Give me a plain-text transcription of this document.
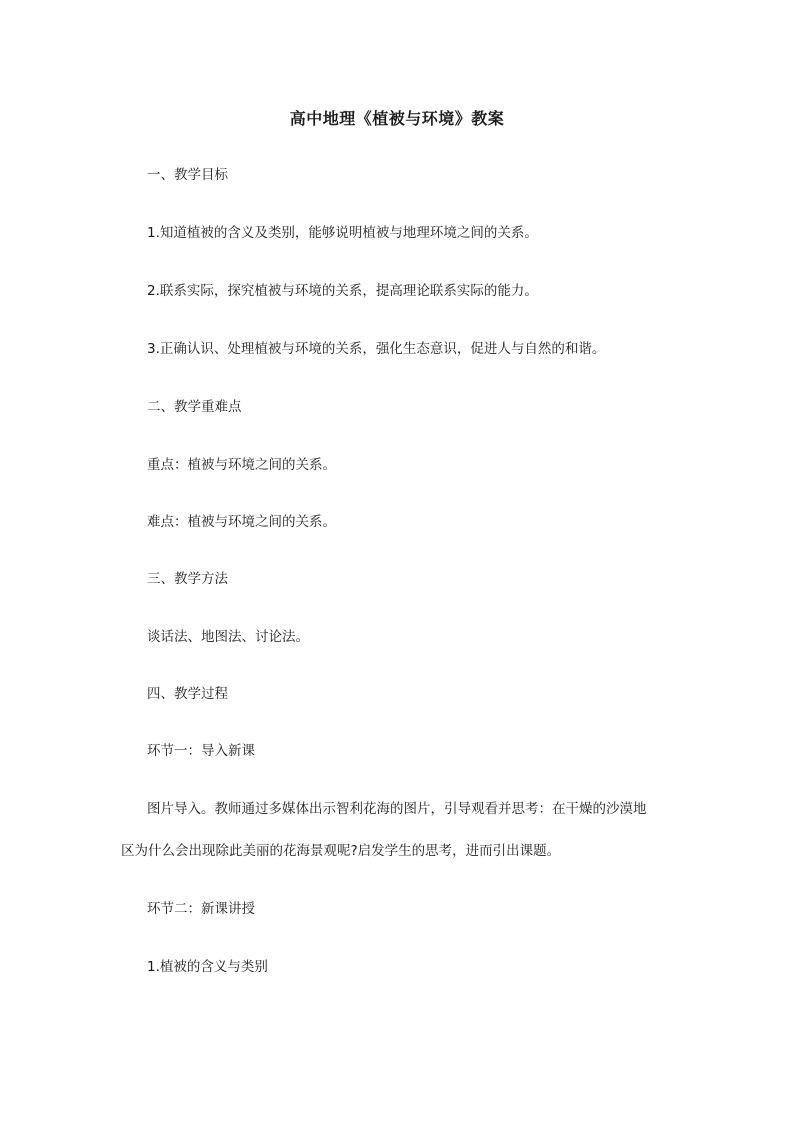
高中地理《植被与环境》教案
一、教学目标
1.知道植被的含义及类别，能够说明植被与地理环境之间的关系。
2.联系实际，探究植被与环境的关系，提高理论联系实际的能力。
3.正确认识、处理植被与环境的关系，强化生态意识，促进人与自然的和谐。
二、教学重难点
重点：植被与环境之间的关系。
难点：植被与环境之间的关系。
三、教学方法
谈话法、地图法、讨论法。
四、教学过程
环节一：导入新课
图片导入。教师通过多媒体出示智利花海的图片，引导观看并思考：在干燥的沙漠地
区为什么会出现除此美丽的花海景观呢?启发学生的思考，进而引出课题。
环节二：新课讲授
1.植被的含义与类别
